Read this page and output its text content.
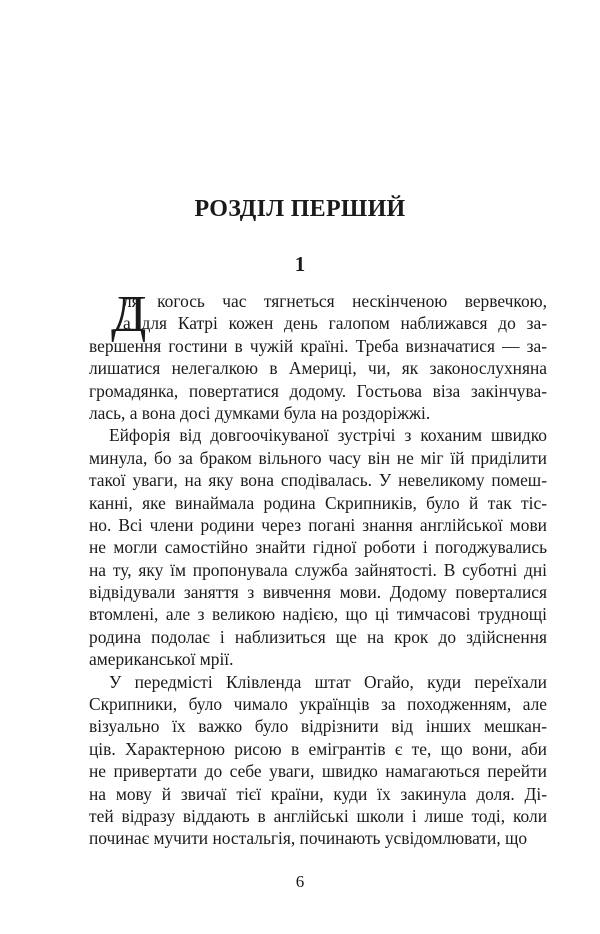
РОЗДІЛ ПЕРШИЙ
1
Д
ля когось час тягнеться нескінченою вервечкою,
а для Катрі кожен день галопом наближався до за-
вершення гостини в чужій країні. Треба визначатися — за-
лишатися нелегалкою в Америці, чи, як законослухняна
громадянка, повертатися додому. Гостьова віза закінчува-
лась, а вона досі думками була на роздоріжжі.
Ейфорія від довгоочікуваної зустрічі з коханим швидко
минула, бо за браком вільного часу він не міг їй приділити
такої уваги, на яку вона сподівалась. У невеликому помеш-
канні, яке винаймала родина Скрипників, було й так тіс-
но. Всі члени родини через погані знання англійської мови
не могли самостійно знайти гідної роботи і погоджувались
на ту, яку їм пропонувала служба зайнятості. В суботні дні
відвідували заняття з вивчення мови. Додому поверталися
втомлені, але з великою надією, що ці тимчасові труднощі
родина подолає і наблизиться ще на крок до здійснення
американської мрії.
У передмісті Клівленда штат Огайо, куди переїхали
Скрипники, було чимало українців за походженням, але
візуально їх важко було відрізнити від інших мешкан-
ців. Характерною рисою в емігрантів є те, що вони, аби
не привертати до себе уваги, швидко намагаються перейти
на мову й звичаї тієї країни, куди їх закинула доля. Ді-
тей відразу віддають в англійські школи і лише тоді, коли
починає мучити ностальгія, починають усвідомлювати, що
6
